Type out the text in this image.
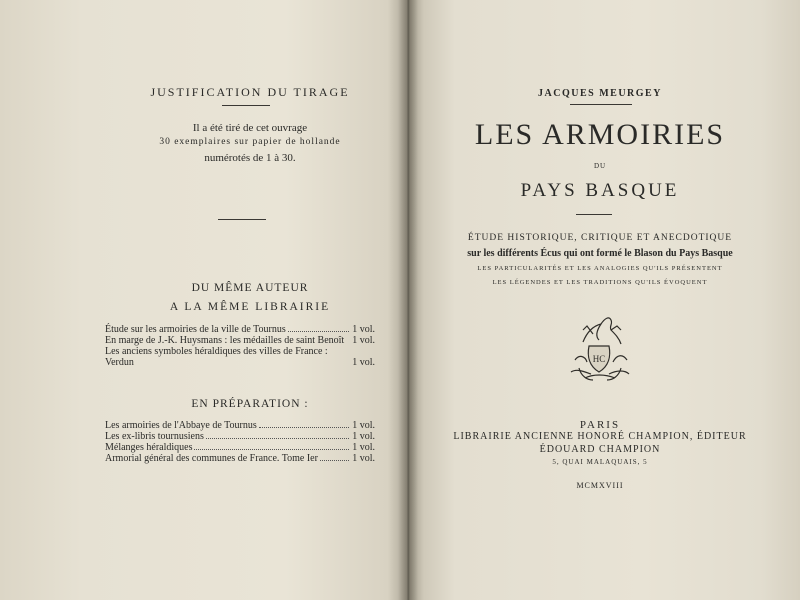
JUSTIFICATION DU TIRAGE
Il a été tiré de cet ouvrage
30 exemplaires sur papier de hollande
numérotés de 1 à 30.
DU MÊME AUTEUR
A LA MÊME LIBRAIRIE
Étude sur les armoiries de la ville de Tournus	1 vol.
En marge de J.-K. Huysmans : les médailles de saint Benoît 1 vol.
Les anciens symboles héraldiques des villes de France : Verdun	1 vol.
EN PRÉPARATION :
Les armoiries de l'Abbaye de Tournus	1 vol.
Les ex-libris tournusiens	1 vol.
Mélanges héraldiques	1 vol.
Armorial général des communes de France. Tome Ier	1 vol.
JACQUES MEURGEY
LES ARMOIRIES
DU
PAYS BASQUE
ÉTUDE HISTORIQUE, CRITIQUE ET ANECDOTIQUE
sur les différents Écus qui ont formé le Blason du Pays Basque
LES PARTICULARITÉS ET LES ANALOGIES QU'ILS PRÉSENTENT
LES LÉGENDES ET LES TRADITIONS QU'ILS ÉVOQUENT
HC
PARIS
LIBRAIRIE ANCIENNE HONORÉ CHAMPION, ÉDITEUR
ÉDOUARD CHAMPION
5, QUAI MALAQUAIS, 5
MCMXVIII
